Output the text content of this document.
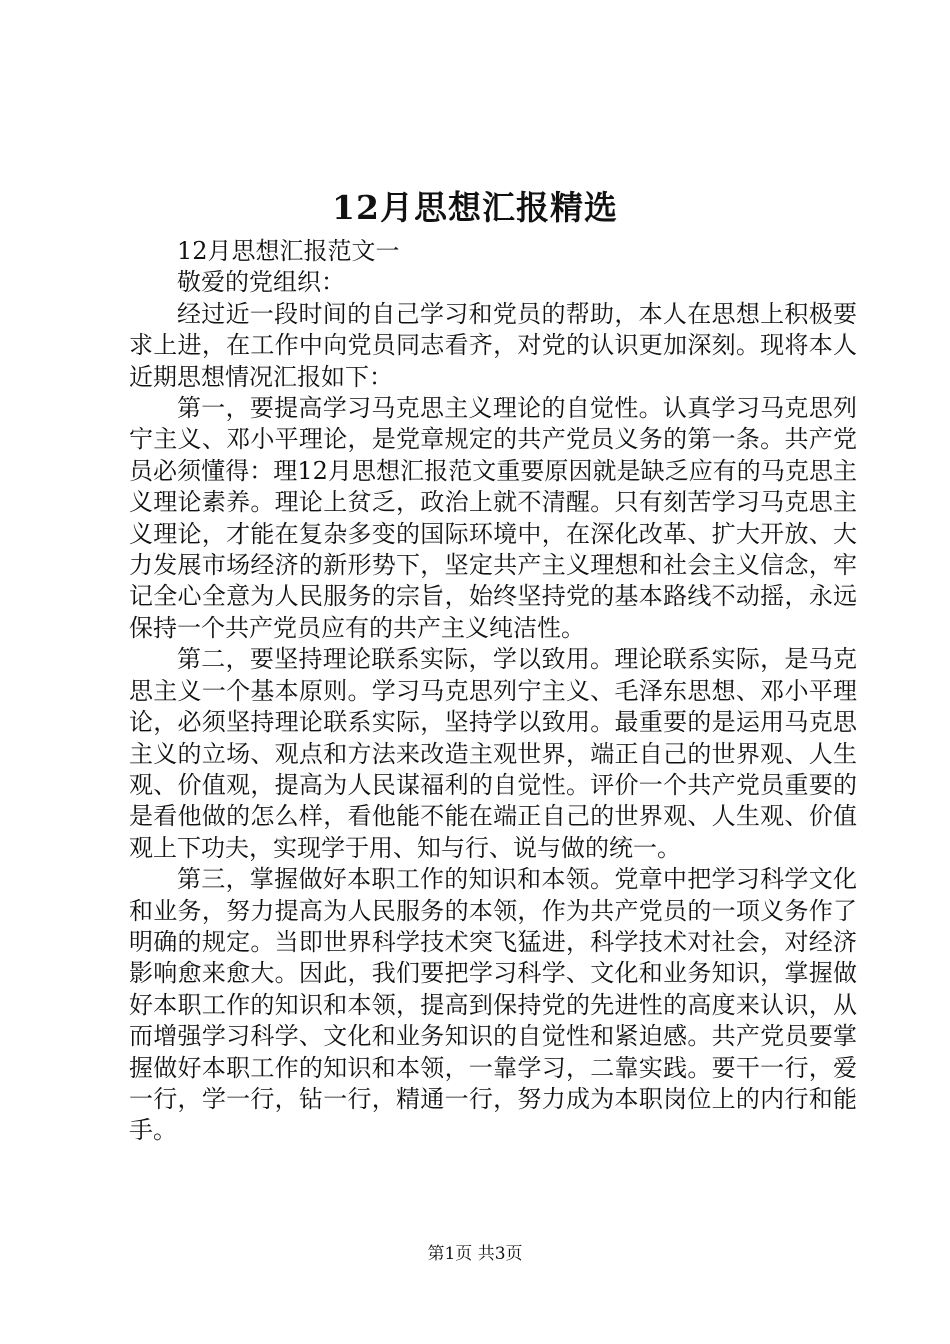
12月思想汇报精选

12月思想汇报范文一

敬爱的党组织：

经过近一段时间的自己学习和党员的帮助，本人在思想上积极要求上进，在工作中向党员同志看齐，对党的认识更加深刻。现将本人近期思想情况汇报如下：

第一，要提高学习马克思主义理论的自觉性。认真学习马克思列宁主义、邓小平理论，是党章规定的共产党员义务的第一条。共产党员必须懂得：理12月思想汇报范文重要原因就是缺乏应有的马克思主义理论素养。理论上贫乏，政治上就不清醒。只有刻苦学习马克思主义理论，才能在复杂多变的国际环境中，在深化改革、扩大开放、大力发展市场经济的新形势下，坚定共产主义理想和社会主义信念，牢记全心全意为人民服务的宗旨，始终坚持党的基本路线不动摇，永远保持一个共产党员应有的共产主义纯洁性。

第二，要坚持理论联系实际，学以致用。理论联系实际，是马克思主义一个基本原则。学习马克思列宁主义、毛泽东思想、邓小平理论，必须坚持理论联系实际，坚持学以致用。最重要的是运用马克思主义的立场、观点和方法来改造主观世界，端正自己的世界观、人生观、价值观，提高为人民谋福利的自觉性。评价一个共产党员重要的是看他做的怎么样，看他能不能在端正自己的世界观、人生观、价值观上下功夫，实现学于用、知与行、说与做的统一。

第三，掌握做好本职工作的知识和本领。党章中把学习科学文化和业务，努力提高为人民服务的本领，作为共产党员的一项义务作了明确的规定。当即世界科学技术突飞猛进，科学技术对社会，对经济影响愈来愈大。因此，我们要把学习科学、文化和业务知识，掌握做好本职工作的知识和本领，提高到保持党的先进性的高度来认识，从而增强学习科学、文化和业务知识的自觉性和紧迫感。共产党员要掌握做好本职工作的知识和本领，一靠学习，二靠实践。要干一行，爱一行，学一行，钻一行，精通一行，努力成为本职岗位上的内行和能手。

第1页 共3页
